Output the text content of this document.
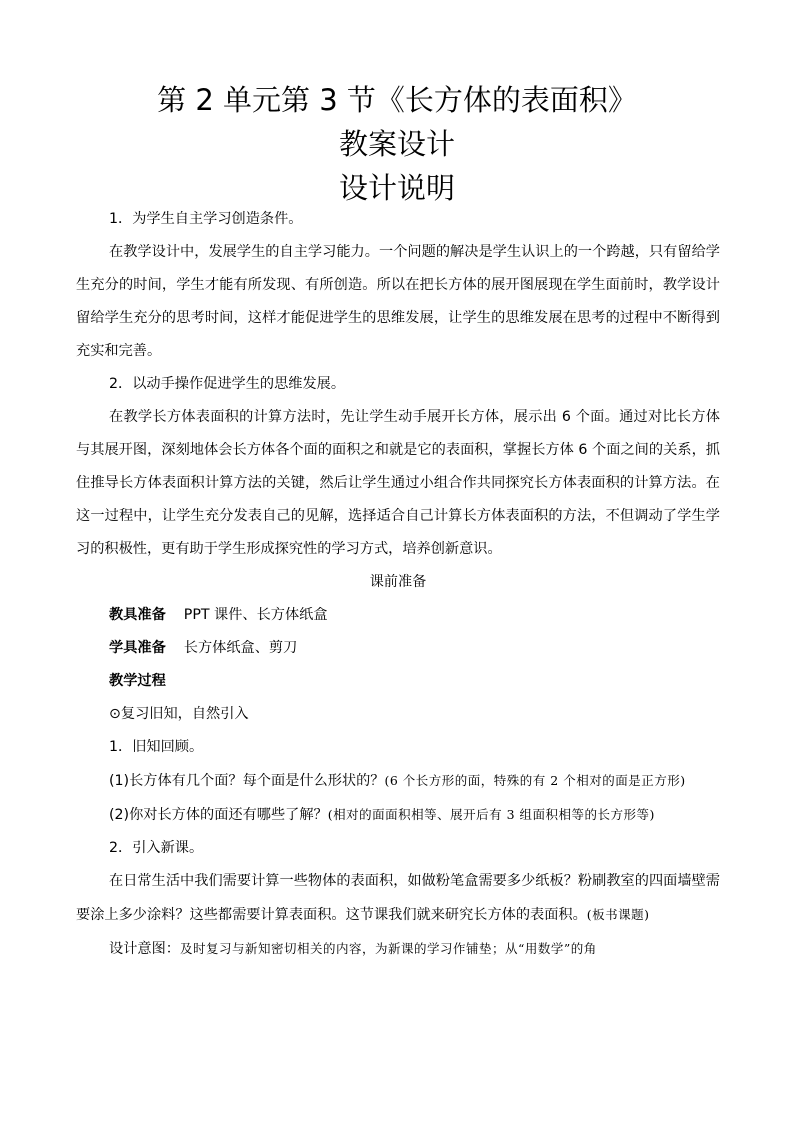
第 2 单元第 3 节《长方体的表面积》
教案设计
设计说明

1．为学生自主学习创造条件。

在教学设计中，发展学生的自主学习能力。一个问题的解决是学生认识上的一个跨越，只有留给学生充分的时间，学生才能有所发现、有所创造。所以在把长方体的展开图展现在学生面前时，教学设计留给学生充分的思考时间，这样才能促进学生的思维发展，让学生的思维发展在思考的过程中不断得到充实和完善。

2．以动手操作促进学生的思维发展。

在教学长方体表面积的计算方法时，先让学生动手展开长方体，展示出 6 个面。通过对比长方体与其展开图，深刻地体会长方体各个面的面积之和就是它的表面积，掌握长方体 6 个面之间的关系，抓住推导长方体表面积计算方法的关键，然后让学生通过小组合作共同探究长方体表面积的计算方法。在这一过程中，让学生充分发表自己的见解，选择适合自己计算长方体表面积的方法，不但调动了学生学习的积极性，更有助于学生形成探究性的学习方式，培养创新意识。

课前准备

教具准备 PPT 课件、长方体纸盒

学具准备 长方体纸盒、剪刀

教学过程

⊙复习旧知，自然引入

1．旧知回顾。

(1)长方体有几个面？每个面是什么形状的？(6 个长方形的面，特殊的有 2 个相对的面是正方形)

(2)你对长方体的面还有哪些了解？(相对的面面积相等、展开后有 3 组面积相等的长方形等)

2．引入新课。

在日常生活中我们需要计算一些物体的表面积，如做粉笔盒需要多少纸板？粉刷教室的四面墙壁需要涂上多少涂料？这些都需要计算表面积。这节课我们就来研究长方体的表面积。(板书课题)

设计意图：及时复习与新知密切相关的内容，为新课的学习作铺垫；从“用数学”的角
